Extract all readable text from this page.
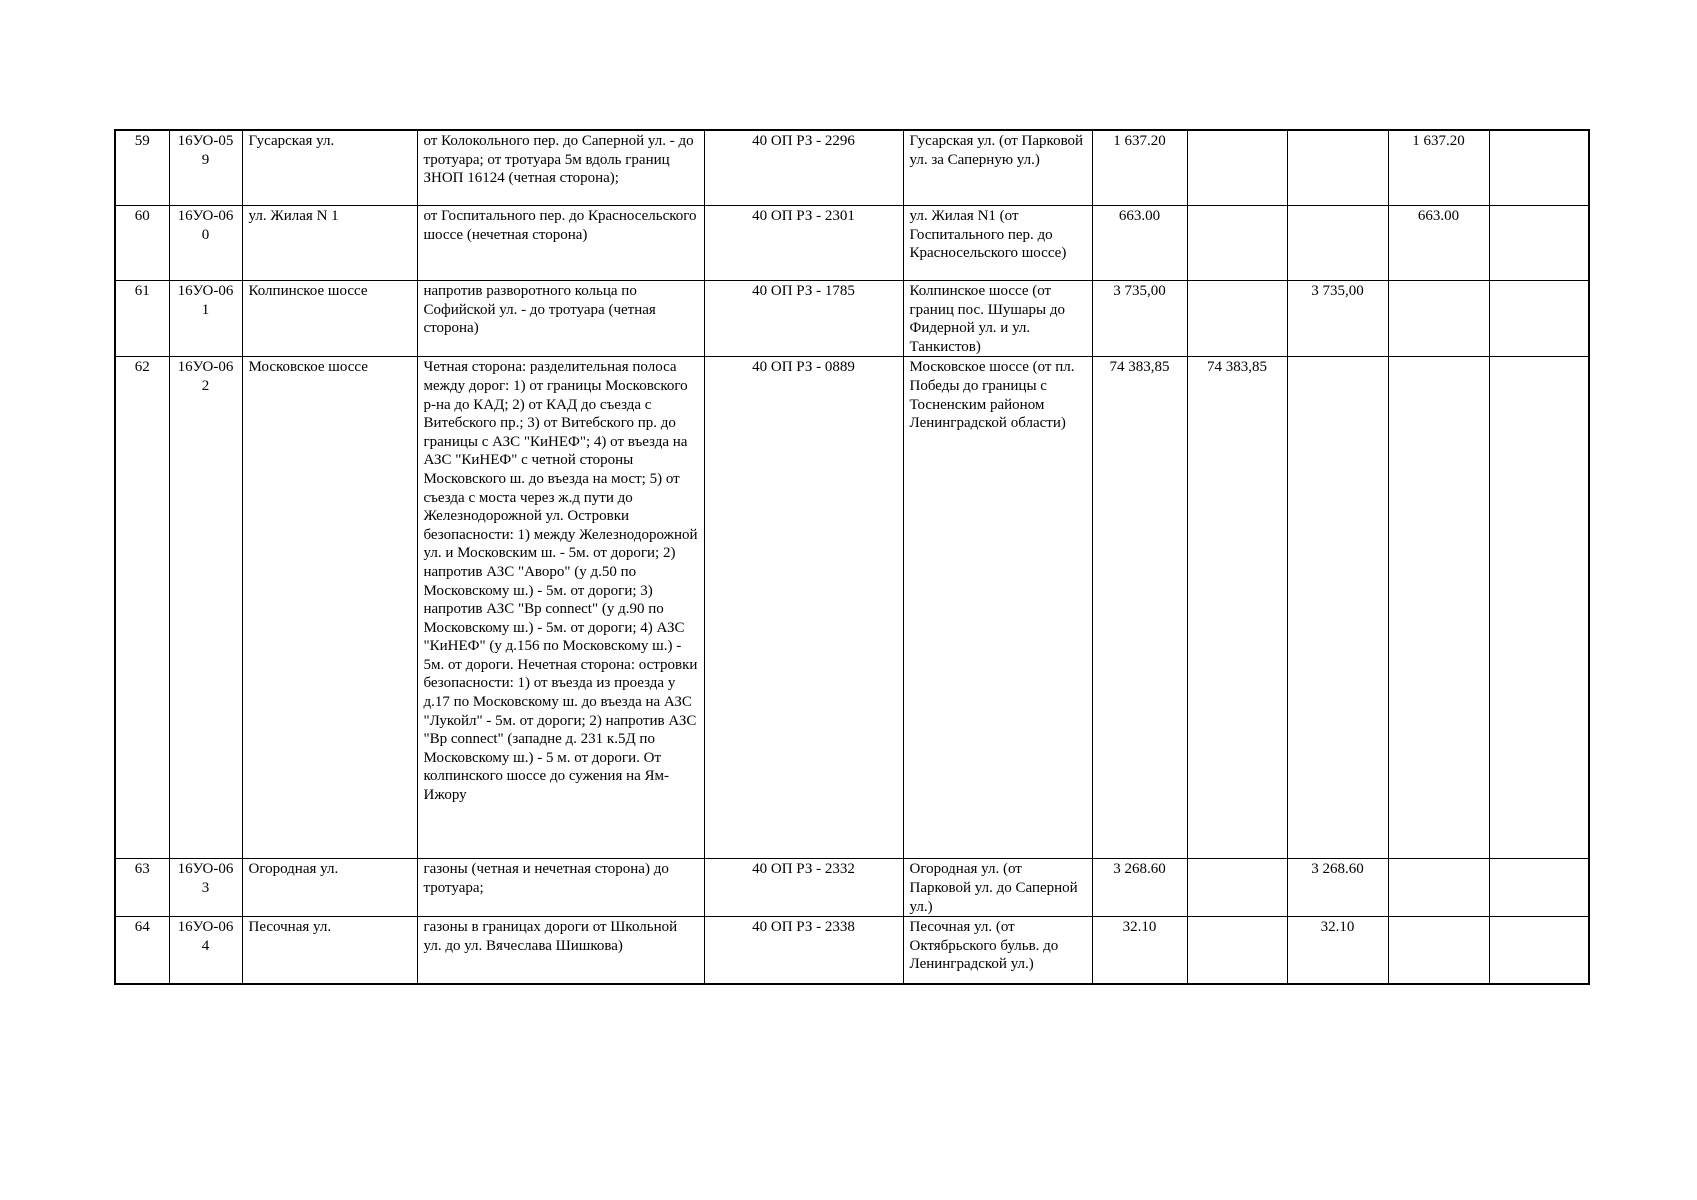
59	16УО-059	Гусарская ул.	от Колокольного пер. до Саперной ул. - до тротуара; от тротуара 5м вдоль границ ЗНОП 16124 (четная сторона);	40 ОП РЗ - 2296	Гусарская ул. (от Парковой ул. за Саперную ул.)	1 637.20			1 637.20	
60	16УО-060	ул. Жилая N 1	от Госпитального пер. до Красносельского шоссе (нечетная сторона)	40 ОП РЗ - 2301	ул. Жилая N1 (от Госпитального пер. до Красносельского шоссе)	663.00			663.00	
61	16УО-061	Колпинское шоссе	напротив разворотного кольца по Софийской ул. - до тротуара (четная сторона)	40 ОП РЗ - 1785	Колпинское шоссе (от границ пос. Шушары до Фидерной ул. и ул. Танкистов)	3 735,00		3 735,00		
62	16УО-062	Московское шоссе	Четная сторона: разделительная полоса между дорог: 1) от границы Московского р-на до КАД; 2) от КАД до съезда с Витебского пр.; 3) от Витебского пр. до границы с АЗС "КиНЕФ"; 4) от въезда на АЗС "КиНЕФ" с четной стороны Московского ш. до въезда на мост; 5) от съезда с моста через ж.д пути до Железнодорожной ул. Островки безопасности: 1) между Железнодорожной ул. и Московским ш. - 5м. от дороги; 2) напротив АЗС "Аворо" (у д.50 по Московскому ш.) - 5м. от дороги; 3) напротив АЗС "Вр connect" (у д.90 по Московскому ш.) - 5м. от дороги; 4) АЗС "КиНЕФ" (у д.156 по Московскому ш.) - 5м. от дороги. Нечетная сторона: островки безопасности: 1) от въезда из проезда у д.17 по Московскому ш. до въезда на АЗС "Лукойл" - 5м. от дороги; 2) напротив АЗС "Вр connect" (западне д. 231 к.5Д по Московскому ш.) - 5 м. от дороги. От колпинского шоссе до сужения на Ям-Ижору	40 ОП РЗ - 0889	Московское шоссе (от пл. Победы до границы с Тосненским районом Ленинградской области)	74 383,85	74 383,85			
63	16УО-063	Огородная ул.	газоны (четная и нечетная сторона) до тротуара;	40 ОП РЗ - 2332	Огородная ул. (от Парковой ул. до Саперной ул.)	3 268.60		3 268.60		
64	16УО-064	Песочная ул.	газоны в границах дороги от Школьной ул. до ул. Вячеслава Шишкова)	40 ОП РЗ - 2338	Песочная ул. (от Октябрьского бульв. до Ленинградской ул.)	32.10		32.10		
